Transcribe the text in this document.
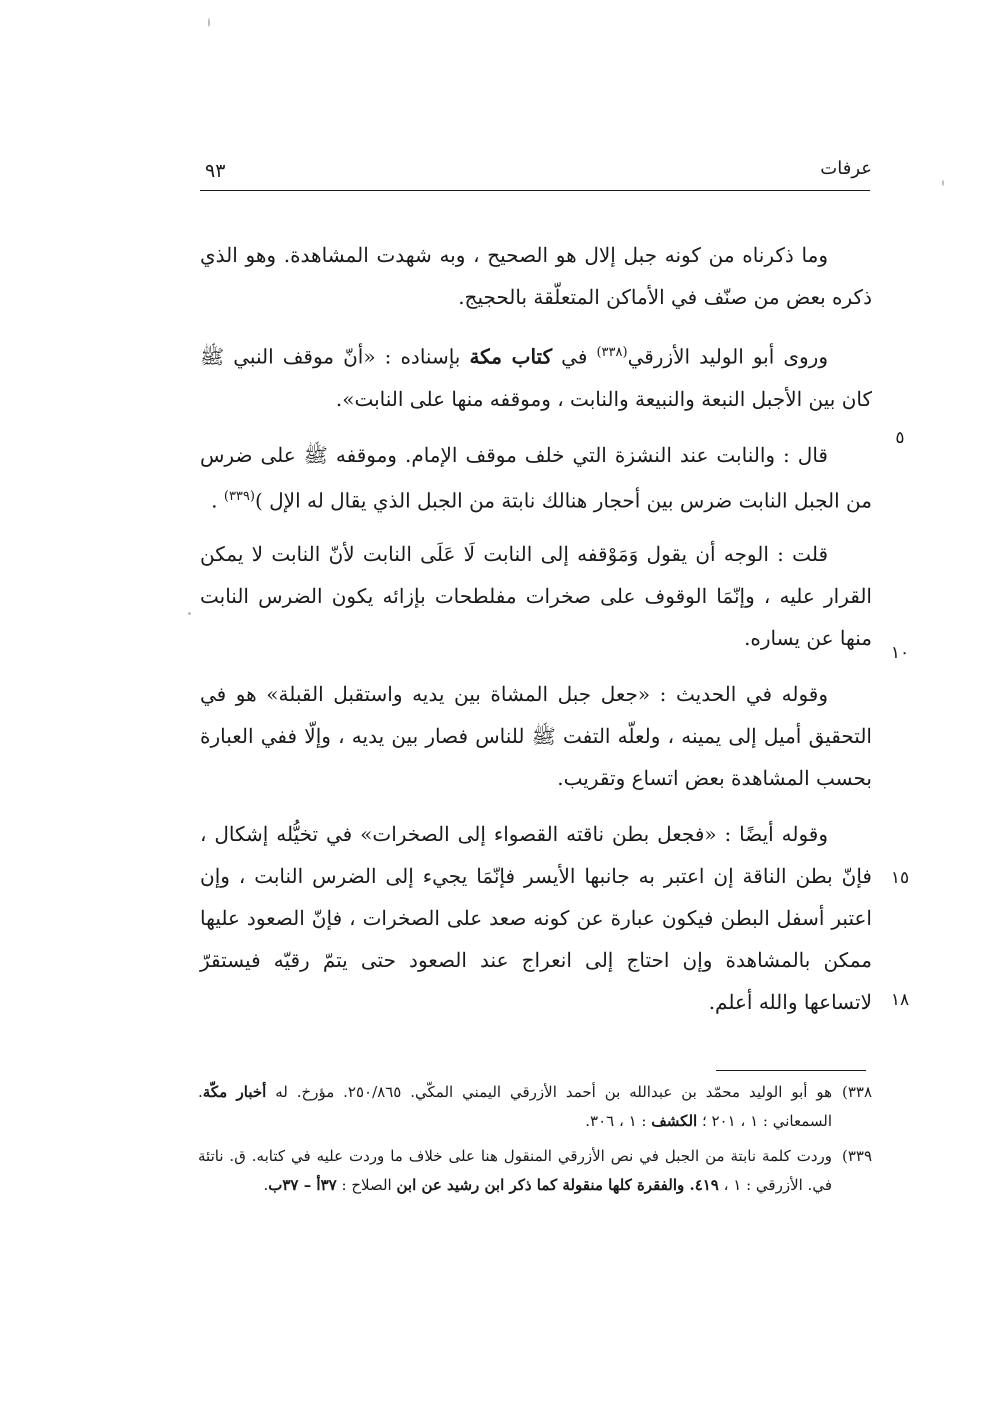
عرفات
٩٣

وما ذكرناه من كونه جبل إلال هو الصحيح ، وبه شهدت المشاهدة. وهو الذي ذكره بعض من صنّف في الأماكن المتعلّقة بالحجيج.

وروى أبو الوليد الأزرقي$^{(٣٣٨)}$ في كتاب مكة بإسناده : «أنّ موقف النبي ﷺ كان بين الأجبل النبعة والنبيعة والنابت ، وموقفه منها على النابت».

قال : والنابت عند النشزة التي خلف موقف الإمام. وموقفه ﷺ على ضرس من الجبل النابت ضرس بين أحجار هنالك نابتة من الجبل الذي يقال له الإل )$^{(٣٣٩)}$ .

قلت : الوجه أن يقول وَمَوْقفه إلى النابت لَا عَلَى النابت لأنّ النابت لا يمكن القرار عليه ، وإنّمَا الوقوف على صخرات مفلطحات بإزائه يكون الضرس النابت منها عن يساره.

وقوله في الحديث : «جعل جبل المشاة بين يديه واستقبل القبلة» هو في التحقيق أميل إلى يمينه ، ولعلّه التفت ﷺ للناس فصار بين يديه ، وإلّا ففي العبارة بحسب المشاهدة بعض اتساع وتقريب.

وقوله أيضًا : «فجعل بطن ناقته القصواء إلى الصخرات» في تخيُّله إشكال ، فإنّ بطن الناقة إن اعتبر به جانبها الأيسر فإنّمَا يجيء إلى الضرس النابت ، وإن اعتبر أسفل البطن فيكون عبارة عن كونه صعد على الصخرات ، فإنّ الصعود عليها ممكن بالمشاهدة وإن احتاج إلى انعراج عند الصعود حتى يتمّ رقيّه فيستقرّ لاتساعها والله أعلم.

٥
١٠
١٥
١٨
٣٣٨)
هو أبو الوليد محمّد بن عبدالله بن أحمد الأزرقي اليمني المكّي. ٢٥٠/٨٦٥. مؤرخ. له أخبار مكّة. السمعاني : ١ ، ٢٠١ ؛ الكشف : ١ ، ٣٠٦.
٣٣٩)
وردت كلمة نابتة من الجبل في نص الأزرقي المنقول هنا على خلاف ما وردت عليه في كتابه. ق. ناتئة في. الأزرقي : ١ ، ٤١٩. والفقرة كلها منقولة كما ذكر ابن رشيد عن ابن الصلاح : ٣٧أ – ٣٧ب.
